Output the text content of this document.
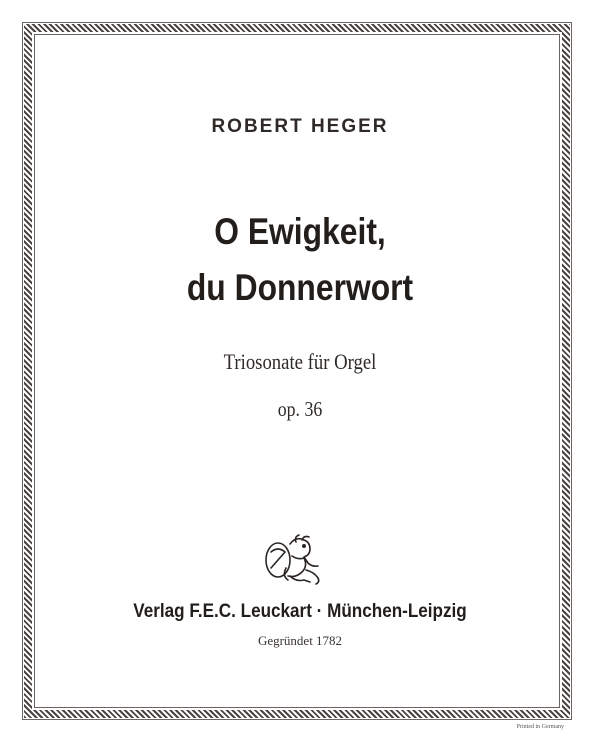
ROBERT HEGER
O Ewigkeit,
du Donnerwort
Triosonate für Orgel
op. 36
Verlag F.E.C. Leuckart · München-Leipzig
Gegründet 1782
Printed in Germany
